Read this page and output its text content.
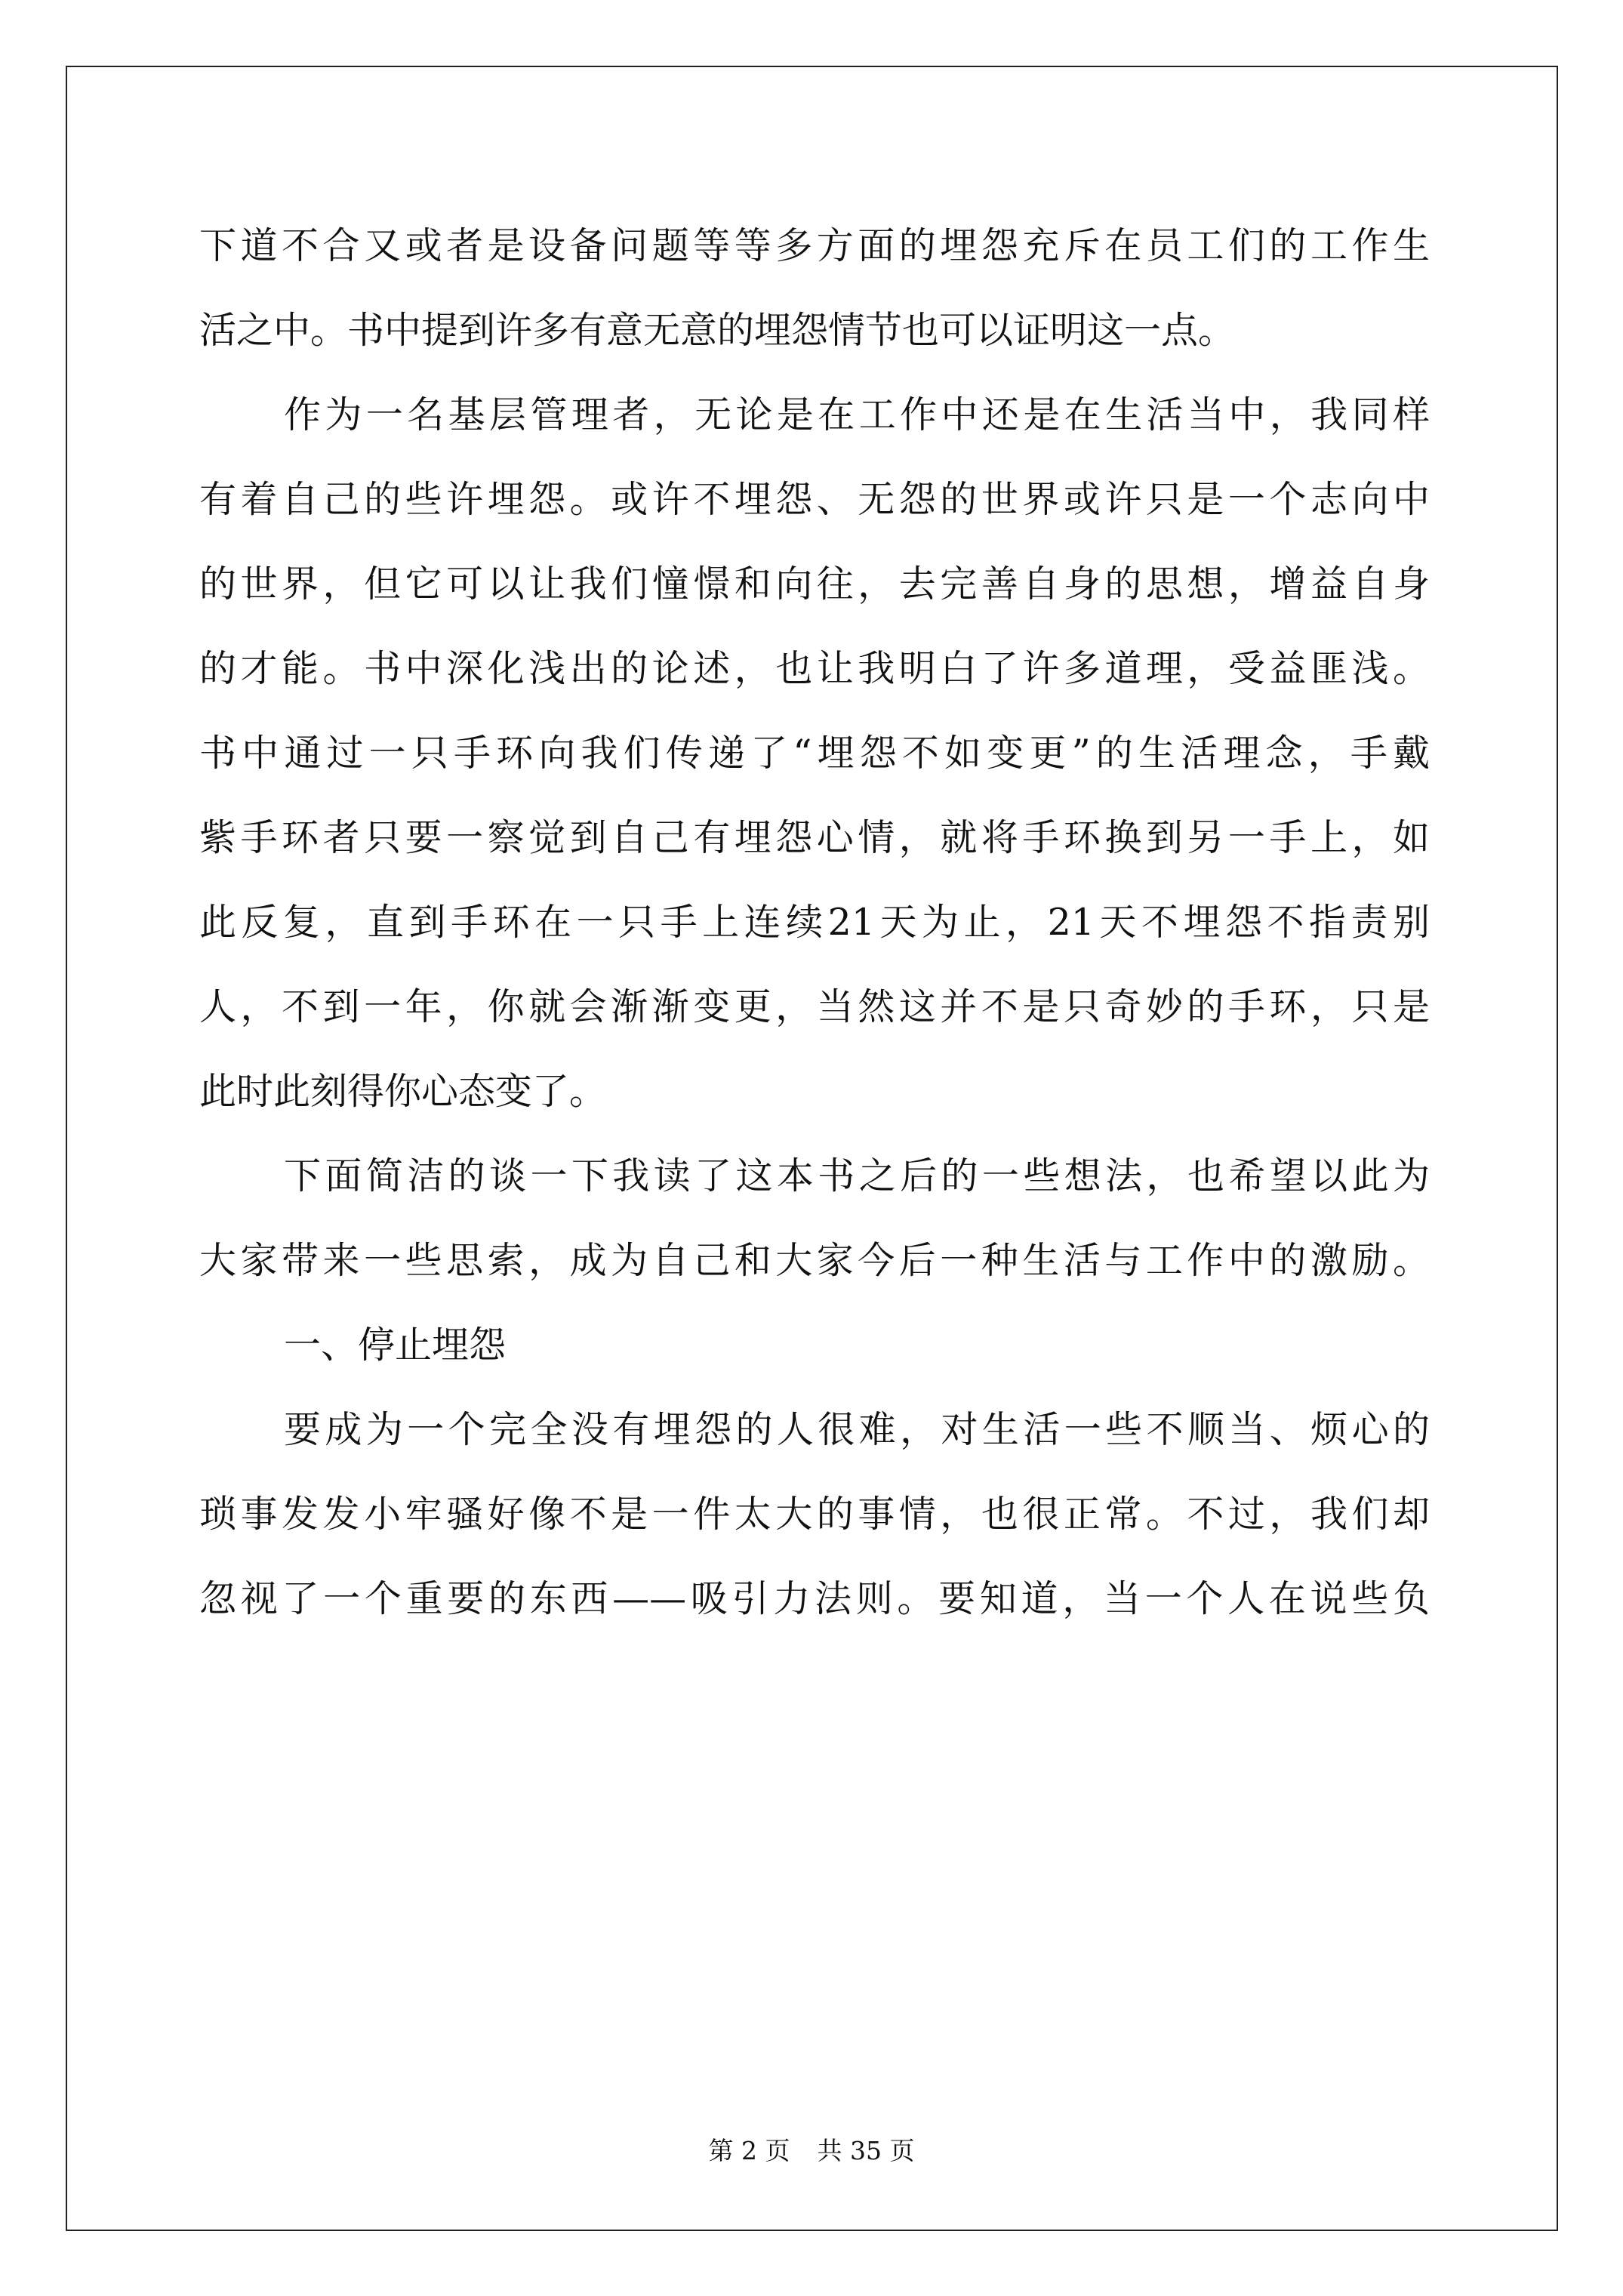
下道不合又或者是设备问题等等多方面的埋怨充斥在员工们的工作生
活之中。书中提到许多有意无意的埋怨情节也可以证明这一点。
作为一名基层管理者，无论是在工作中还是在生活当中，我同样
有着自己的些许埋怨。或许不埋怨、无怨的世界或许只是一个志向中
的世界，但它可以让我们憧憬和向往，去完善自身的思想，增益自身
的才能。书中深化浅出的论述，也让我明白了许多道理，受益匪浅。
书中通过一只手环向我们传递了“埋怨不如变更”的生活理念，手戴
紫手环者只要一察觉到自己有埋怨心情，就将手环换到另一手上，如
此反复，直到手环在一只手上连续21天为止，21天不埋怨不指责别
人，不到一年，你就会渐渐变更，当然这并不是只奇妙的手环，只是
此时此刻得你心态变了。
下面简洁的谈一下我读了这本书之后的一些想法，也希望以此为
大家带来一些思索，成为自己和大家今后一种生活与工作中的激励。
一、停止埋怨
要成为一个完全没有埋怨的人很难，对生活一些不顺当、烦心的
琐事发发小牢骚好像不是一件太大的事情，也很正常。不过，我们却
忽视了一个重要的东西——吸引力法则。要知道，当一个人在说些负
第 2 页 共 35 页
